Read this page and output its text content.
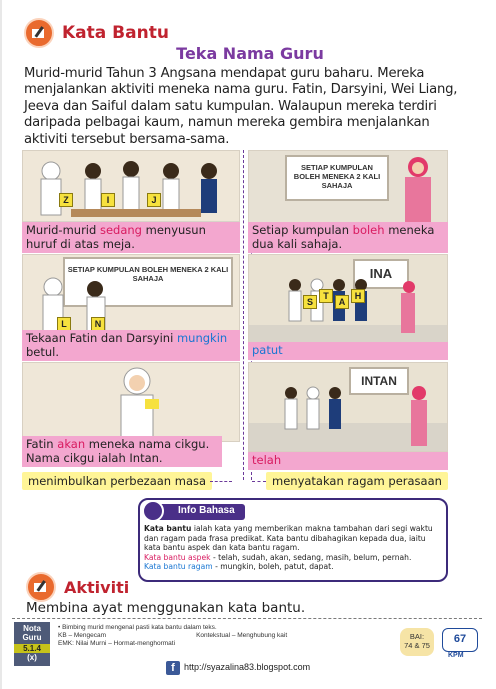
Kata Bantu
Teka Nama Guru

Murid-murid Tahun 3 Angsana mendapat guru baharu. Mereka menjalankan aktiviti meneka nama guru. Fatin, Darsyini, Wei Liang, Jeeva dan Saiful dalam satu kumpulan. Walaupun mereka terdiri daripada pelbagai kaum, namun mereka gembira menjalankan aktiviti tersebut bersama-sama.

Z	I	J
Murid-murid sedang menyusun huruf di atas meja.
SETIAP KUMPULAN BOLEH MENEKA 2 KALI SAHAJA
Setiap kumpulan boleh meneka dua kali sahaja.
SETIAP KUMPULAN BOLEH MENEKA 2 KALI SAHAJA
L	N
Tekaan Fatin dan Darsyini mungkin betul.
INA
S
T
A
H
patut
Fatin akan meneka nama cikgu. Nama cikgu ialah Intan.
INTAN
telah
menimbulkan perbezaan masa	menyatakan ragam perasaan
Info Bahasa
Kata bantu ialah kata yang memberikan makna tambahan dari segi waktu dan ragam pada frasa predikat. Kata bantu dibahagikan kepada dua, iaitu kata bantu aspek dan kata bantu ragam.
Kata bantu aspek - telah, sudah, akan, sedang, masih, belum, pernah.
Kata bantu ragam - mungkin, boleh, patut, dapat.
Aktiviti
Membina ayat menggunakan kata bantu.
Nota
Guru
5.1.4
(x)
• Bimbing murid mengenal pasti kata bantu dalam teks.
KB – Mengecam	Kontekstual – Menghubung kait
EMK: Nilai Murni – Hormat-menghormati
BAI:
74 & 75
67
KPM
f	http://syazalina83.blogspot.com
